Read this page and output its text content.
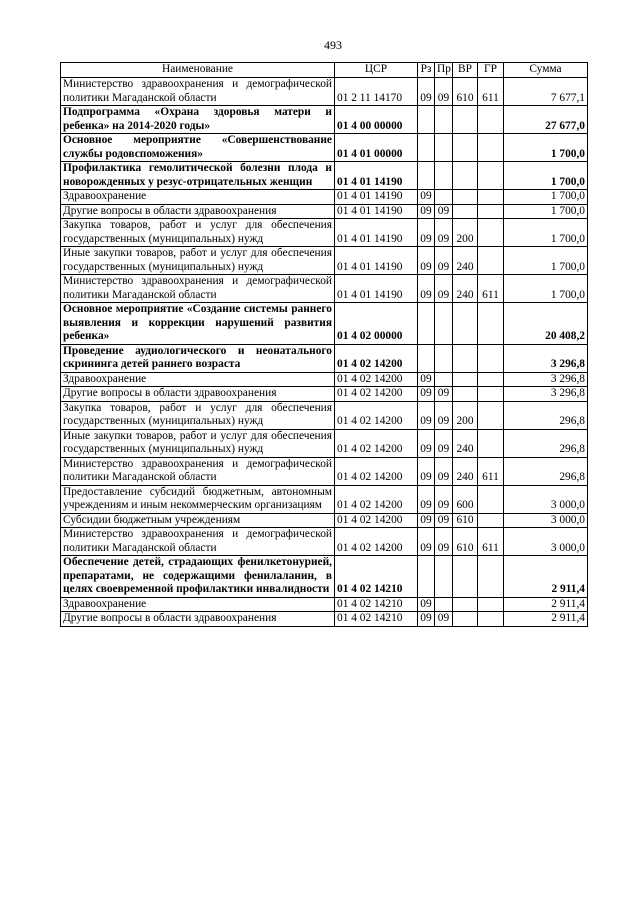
493
Наименование	ЦСР	Рз	Пр	ВР	ГР	Сумма
Министерство здравоохранения и демографической политики Магаданской области	01 2 11 14170	09	09	610	611	7 677,1
Подпрограмма «Охрана здоровья матери и ребенка» на 2014-2020 годы»	01 4 00 00000					27 677,0
Основное мероприятие «Совершенствование службы родовспоможения»	01 4 01 00000					1 700,0
Профилактика гемолитической болезни плода и новорожденных у резус-отрицательных женщин	01 4 01 14190					1 700,0
Здравоохранение	01 4 01 14190	09				1 700,0
Другие вопросы в области здравоохранения	01 4 01 14190	09	09			1 700,0
Закупка товаров, работ и услуг для обеспечения государственных (муниципальных) нужд	01 4 01 14190	09	09	200		1 700,0
Иные закупки товаров, работ и услуг для обеспечения государственных (муниципальных) нужд	01 4 01 14190	09	09	240		1 700,0
Министерство здравоохранения и демографической политики Магаданской области	01 4 01 14190	09	09	240	611	1 700,0
Основное мероприятие «Создание системы раннего выявления и коррекции нарушений развития ребенка»	01 4 02 00000					20 408,2
Проведение аудиологического и неонатального скрининга детей раннего возраста	01 4 02 14200					3 296,8
Здравоохранение	01 4 02 14200	09				3 296,8
Другие вопросы в области здравоохранения	01 4 02 14200	09	09			3 296,8
Закупка товаров, работ и услуг для обеспечения государственных (муниципальных) нужд	01 4 02 14200	09	09	200		296,8
Иные закупки товаров, работ и услуг для обеспечения государственных (муниципальных) нужд	01 4 02 14200	09	09	240		296,8
Министерство здравоохранения и демографической политики Магаданской области	01 4 02 14200	09	09	240	611	296,8
Предоставление субсидий бюджетным, автономным учреждениям и иным некоммерческим организациям	01 4 02 14200	09	09	600		3 000,0
Субсидии бюджетным учреждениям	01 4 02 14200	09	09	610		3 000,0
Министерство здравоохранения и демографической политики Магаданской области	01 4 02 14200	09	09	610	611	3 000,0
Обеспечение детей, страдающих фенилкетонурией, препаратами, не содержащими фенилаланин, в целях своевременной профилактики инвалидности	01 4 02 14210					2 911,4
Здравоохранение	01 4 02 14210	09				2 911,4
Другие вопросы в области здравоохранения	01 4 02 14210	09	09			2 911,4
